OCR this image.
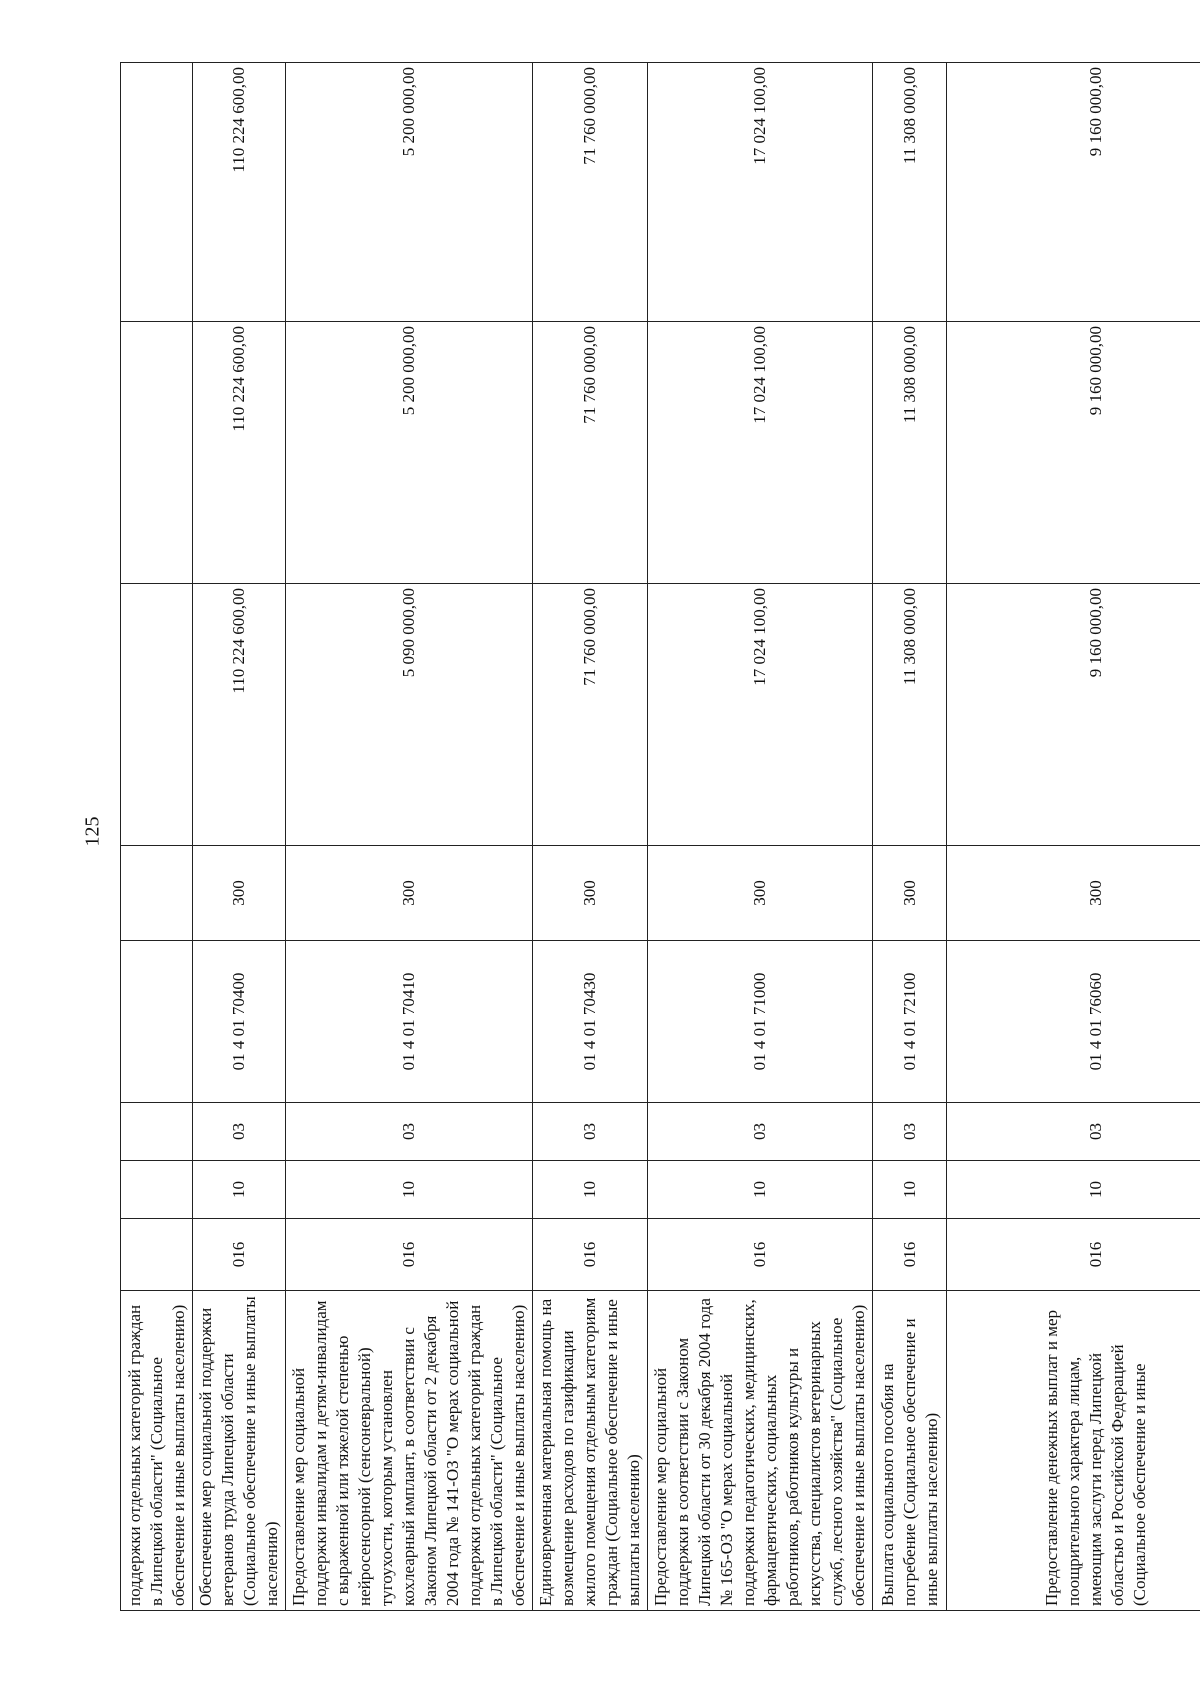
125
поддержки отдельных категорий граждан в Липецкой области" (Социальное обеспечение и иные выплаты населению)								
Обеспечение мер социальной поддержки ветеранов труда Липецкой области (Социальное обеспечение и иные выплаты населению)	016	10	03	01 4 01 70400	300	110 224 600,00	110 224 600,00	110 224 600,00
Предоставление мер социальной поддержки инвалидам и детям-инвалидам с выраженной или тяжелой степенью нейросенсорной (сенсоневральной) тугоухости, которым установлен кохлеарный имплант, в соответствии с Законом Липецкой области от 2 декабря 2004 года № 141-ОЗ "О мерах социальной поддержки отдельных категорий граждан в Липецкой области" (Социальное обеспечение и иные выплаты населению)	016	10	03	01 4 01 70410	300	5 090 000,00	5 200 000,00	5 200 000,00
Единовременная материальная помощь на возмещение расходов по газификации жилого помещения отдельным категориям граждан (Социальное обеспечение и иные выплаты населению)	016	10	03	01 4 01 70430	300	71 760 000,00	71 760 000,00	71 760 000,00
Предоставление мер социальной поддержки в соответствии с Законом Липецкой области от 30 декабря 2004 года № 165-ОЗ "О мерах социальной поддержки педагогических, медицинских, фармацевтических, социальных работников, работников культуры и искусства, специалистов ветеринарных служб, лесного хозяйства" (Социальное обеспечение и иные выплаты населению)	016	10	03	01 4 01 71000	300	17 024 100,00	17 024 100,00	17 024 100,00
Выплата социального пособия на погребение (Социальное обеспечение и иные выплаты населению)	016	10	03	01 4 01 72100	300	11 308 000,00	11 308 000,00	11 308 000,00
Предоставление денежных выплат и мер поощрительного характера лицам, имеющим заслуги перед Липецкой областью и Российской Федерацией (Социальное обеспечение и иные	016	10	03	01 4 01 76060	300	9 160 000,00	9 160 000,00	9 160 000,00
